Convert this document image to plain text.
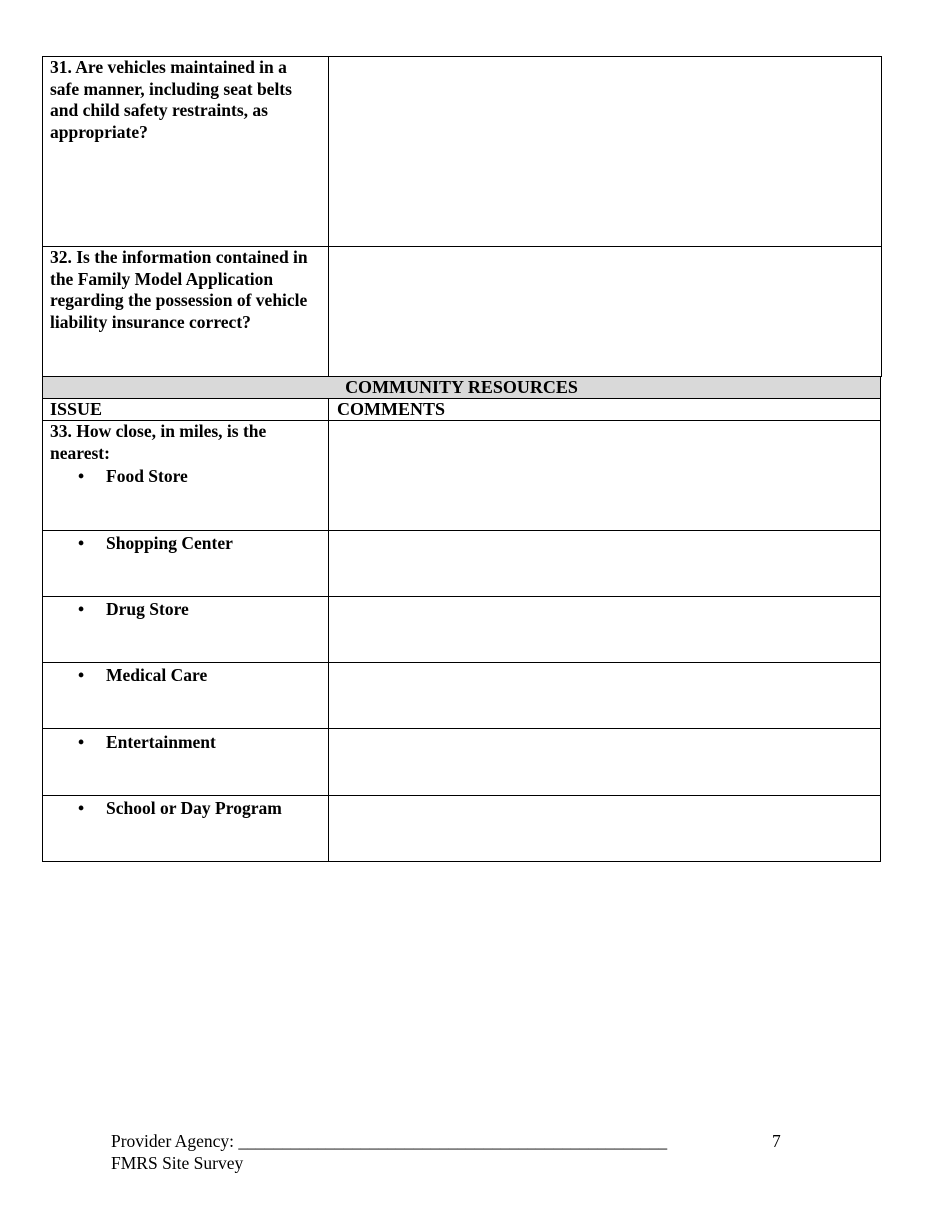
31. Are vehicles maintained in a safe manner, including seat belts and child safety restraints, as appropriate?
32. Is the information contained in the Family Model Application regarding the possession of vehicle liability insurance correct?
COMMUNITY RESOURCES
ISSUE	COMMENTS
33. How close, in miles, is the nearest:
• Food Store
• Shopping Center
• Drug Store
• Medical Care
• Entertainment
• School or Day Program
Provider Agency: _________________________________________________	7
FMRS Site Survey
